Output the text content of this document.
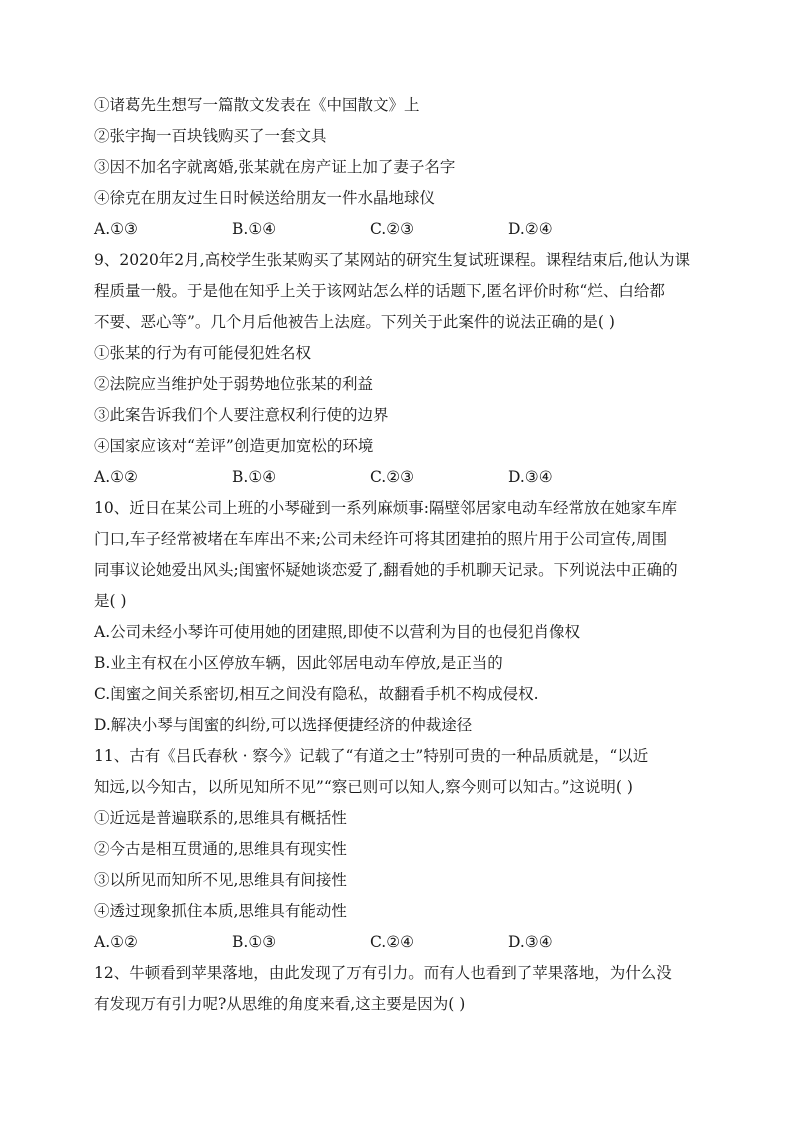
①诸葛先生想写一篇散文发表在《中国散文》上
②张宇掏一百块钱购买了一套文具
③因不加名字就离婚,张某就在房产证上加了妻子名字
④徐克在朋友过生日时候送给朋友一件水晶地球仪
A.①③	B.①④	C.②③	D.②④
9、2020年2月,高校学生张某购买了某网站的研究生复试班课程。课程结束后,他认为课
程质量一般。于是他在知乎上关于该网站怎么样的话题下,匿名评价时称“烂、白给都
不要、恶心等”。几个月后他被告上法庭。下列关于此案件的说法正确的是( )
①张某的行为有可能侵犯姓名权
②法院应当维护处于弱势地位张某的利益
③此案告诉我们个人要注意权利行使的边界
④国家应该对“差评”创造更加宽松的环境
A.①②	B.①④	C.②③	D.③④
10、近日在某公司上班的小琴碰到一系列麻烦事:隔壁邻居家电动车经常放在她家车库
门口,车子经常被堵在车库出不来;公司未经许可将其团建拍的照片用于公司宣传,周围
同事议论她爱出风头;闺蜜怀疑她谈恋爱了,翻看她的手机聊天记录。下列说法中正确的
是( )
A.公司未经小琴许可使用她的团建照,即使不以营利为目的也侵犯肖像权
B.业主有权在小区停放车辆，因此邻居电动车停放,是正当的
C.闺蜜之间关系密切,相互之间没有隐私，故翻看手机不构成侵权.
D.解决小琴与闺蜜的纠纷,可以选择便捷经济的仲裁途径
11、古有《吕氏春秋 · 察今》记载了“有道之士”特别可贵的一种品质就是，“以近
知远,以今知古，以所见知所不见”“察已则可以知人,察今则可以知古。”这说明( )
①近远是普遍联系的,思维具有概括性
②今古是相互贯通的,思维具有现实性
③以所见而知所不见,思维具有间接性
④透过现象抓住本质,思维具有能动性
A.①②	B.①③	C.②④	D.③④
12、牛顿看到苹果落地，由此发现了万有引力。而有人也看到了苹果落地，为什么没
有发现万有引力呢?从思维的角度来看,这主要是因为( )
